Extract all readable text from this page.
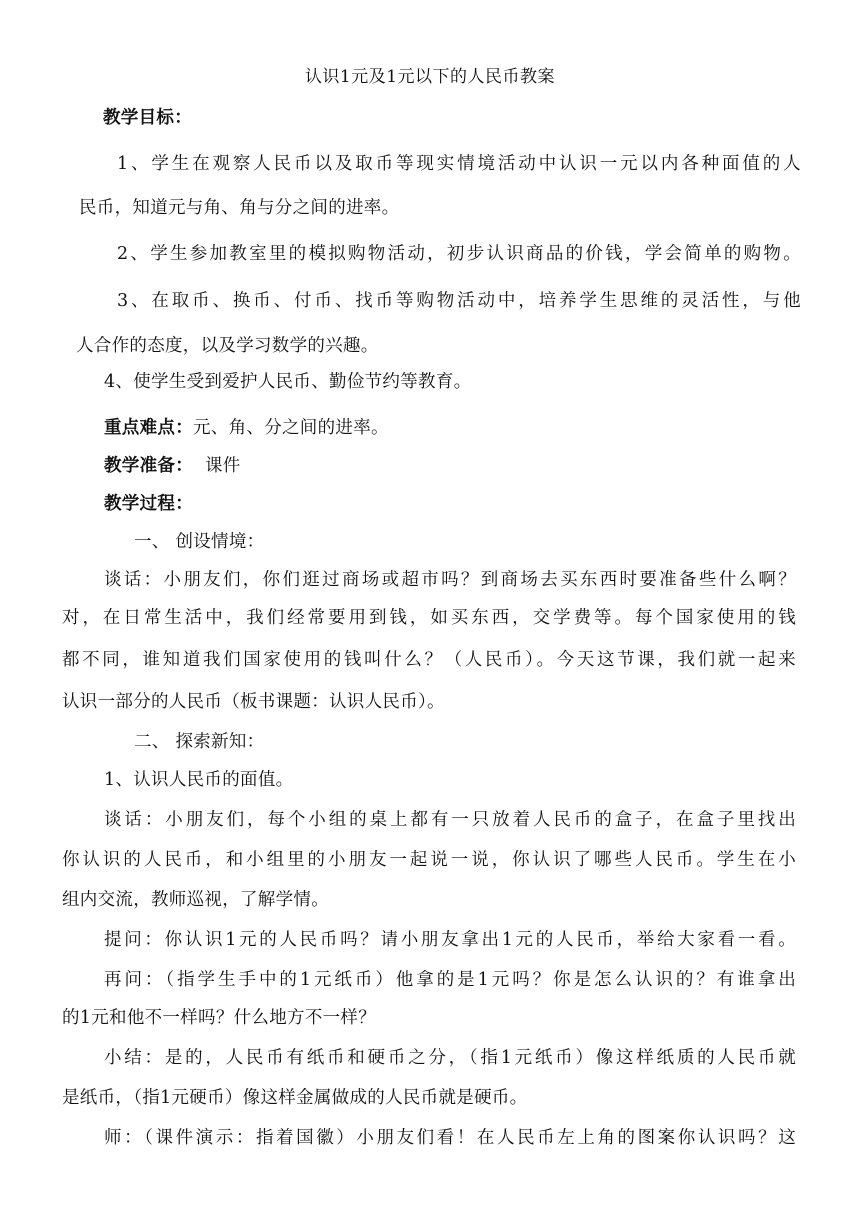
认识1元及1元以下的人民币教案
教学目标：
1、学生在观察人民币以及取币等现实情境活动中认识一元以内各种面值的人
民币，知道元与角、角与分之间的进率。
2、学生参加教室里的模拟购物活动，初步认识商品的价钱，学会简单的购物。
3、在取币、换币、付币、找币等购物活动中，培养学生思维的灵活性，与他
人合作的态度，以及学习数学的兴趣。
4、使学生受到爱护人民币、勤俭节约等教育。
重点难点：元、角、分之间的进率。
教学准备： 课件
教学过程：
一、 创设情境：
谈话：小朋友们，你们逛过商场或超市吗？到商场去买东西时要准备些什么啊？
对，在日常生活中，我们经常要用到钱，如买东西，交学费等。每个国家使用的钱
都不同，谁知道我们国家使用的钱叫什么？（人民币）。今天这节课，我们就一起来
认识一部分的人民币（板书课题：认识人民币）。
二、 探索新知：
1、认识人民币的面值。
谈话：小朋友们，每个小组的桌上都有一只放着人民币的盒子，在盒子里找出
你认识的人民币，和小组里的小朋友一起说一说，你认识了哪些人民币。学生在小
组内交流，教师巡视，了解学情。
提问：你认识1元的人民币吗？请小朋友拿出1元的人民币，举给大家看一看。
再问：（指学生手中的1元纸币）他拿的是1元吗？你是怎么认识的？有谁拿出
的1元和他不一样吗？什么地方不一样？
小结：是的，人民币有纸币和硬币之分，（指1元纸币）像这样纸质的人民币就
是纸币，（指1元硬币）像这样金属做成的人民币就是硬币。
师：（课件演示：指着国徽）小朋友们看！在人民币左上角的图案你认识吗？这
